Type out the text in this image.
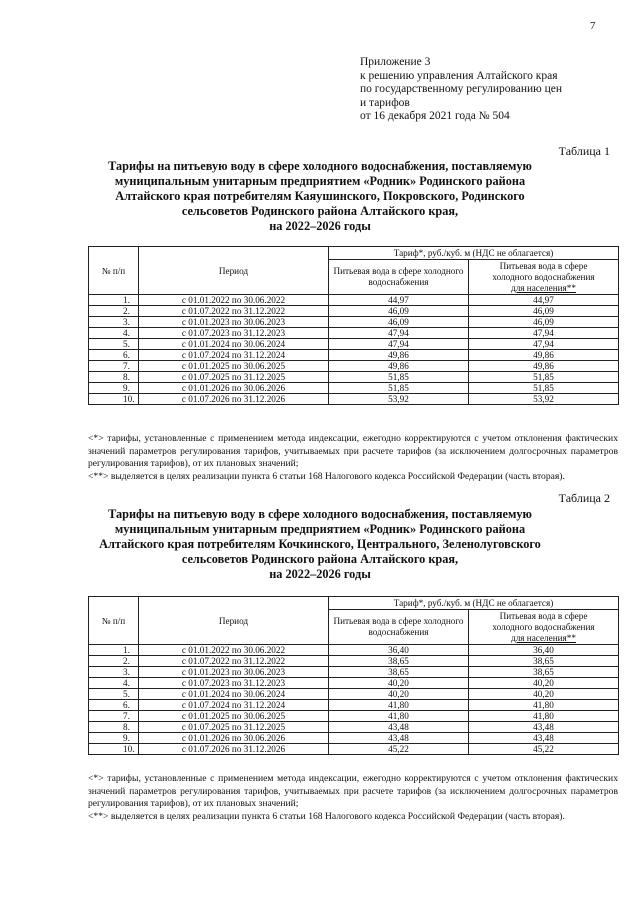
7
Приложение 3
к решению управления Алтайского края
по государственному регулированию цен
и тарифов
от 16 декабря 2021 года № 504
Таблица 1
Тарифы на питьевую воду в сфере холодного водоснабжения, поставляемую
муниципальным унитарным предприятием «Родник» Родинского района
Алтайского края потребителям Каяушинского, Покровского, Родинского
сельсоветов Родинского района Алтайского края,
на 2022–2026 годы
№ п/п	Период	Тариф*, руб./куб. м (НДС не облагается)	
		Питьевая вода в сфере холодного водоснабжения	Питьевая вода в сфере
холодного водоснабжения
для населения**

1.	с 01.01.2022 по 30.06.2022	44,97	44,97
2.	с 01.07.2022 по 31.12.2022	46,09	46,09
3.	с 01.01.2023 по 30.06.2023	46,09	46,09
4.	с 01.07.2023 по 31.12.2023	47,94	47,94
5.	с 01.01.2024 по 30.06.2024	47,94	47,94
6.	с 01.07.2024 по 31.12.2024	49,86	49,86
7.	с 01.01.2025 по 30.06.2025	49,86	49,86
8.	с 01.07.2025 по 31.12.2025	51,85	51,85
9.	с 01.01.2026 по 30.06.2026	51,85	51,85
10.	с 01.07.2026 по 31.12.2026	53,92	53,92

<*> тарифы, установленные с применением метода индексации, ежегодно корректируются с учетом отклонения фактических значений параметров регулирования тарифов, учитываемых при расчете тарифов (за исключением долгосрочных параметров регулирования тарифов), от их плановых значений;

<**> выделяется в целях реализации пункта 6 статьи 168 Налогового кодекса Российской Федерации (часть вторая).

Таблица 2
Тарифы на питьевую воду в сфере холодного водоснабжения, поставляемую
муниципальным унитарным предприятием «Родник» Родинского района
Алтайского края потребителям Кочкинского, Центрального, Зеленолуговского
сельсоветов Родинского района Алтайского края,
на 2022–2026 годы
№ п/п	Период	Тариф*, руб./куб. м (НДС не облагается)	
		Питьевая вода в сфере холодного водоснабжения	Питьевая вода в сфере
холодного водоснабжения
для населения**

1.	с 01.01.2022 по 30.06.2022	36,40	36,40
2.	с 01.07.2022 по 31.12.2022	38,65	38,65
3.	с 01.01.2023 по 30.06.2023	38,65	38,65
4.	с 01.07.2023 по 31.12.2023	40,20	40,20
5.	с 01.01.2024 по 30.06.2024	40,20	40,20
6.	с 01.07.2024 по 31.12.2024	41,80	41,80
7.	с 01.01.2025 по 30.06.2025	41,80	41,80
8.	с 01.07.2025 по 31.12.2025	43,48	43,48
9.	с 01.01.2026 по 30.06.2026	43,48	43,48
10.	с 01.07.2026 по 31.12.2026	45,22	45,22

<*> тарифы, установленные с применением метода индексации, ежегодно корректируются с учетом отклонения фактических значений параметров регулирования тарифов, учитываемых при расчете тарифов (за исключением долгосрочных параметров регулирования тарифов), от их плановых значений;

<**> выделяется в целях реализации пункта 6 статьи 168 Налогового кодекса Российской Федерации (часть вторая).
